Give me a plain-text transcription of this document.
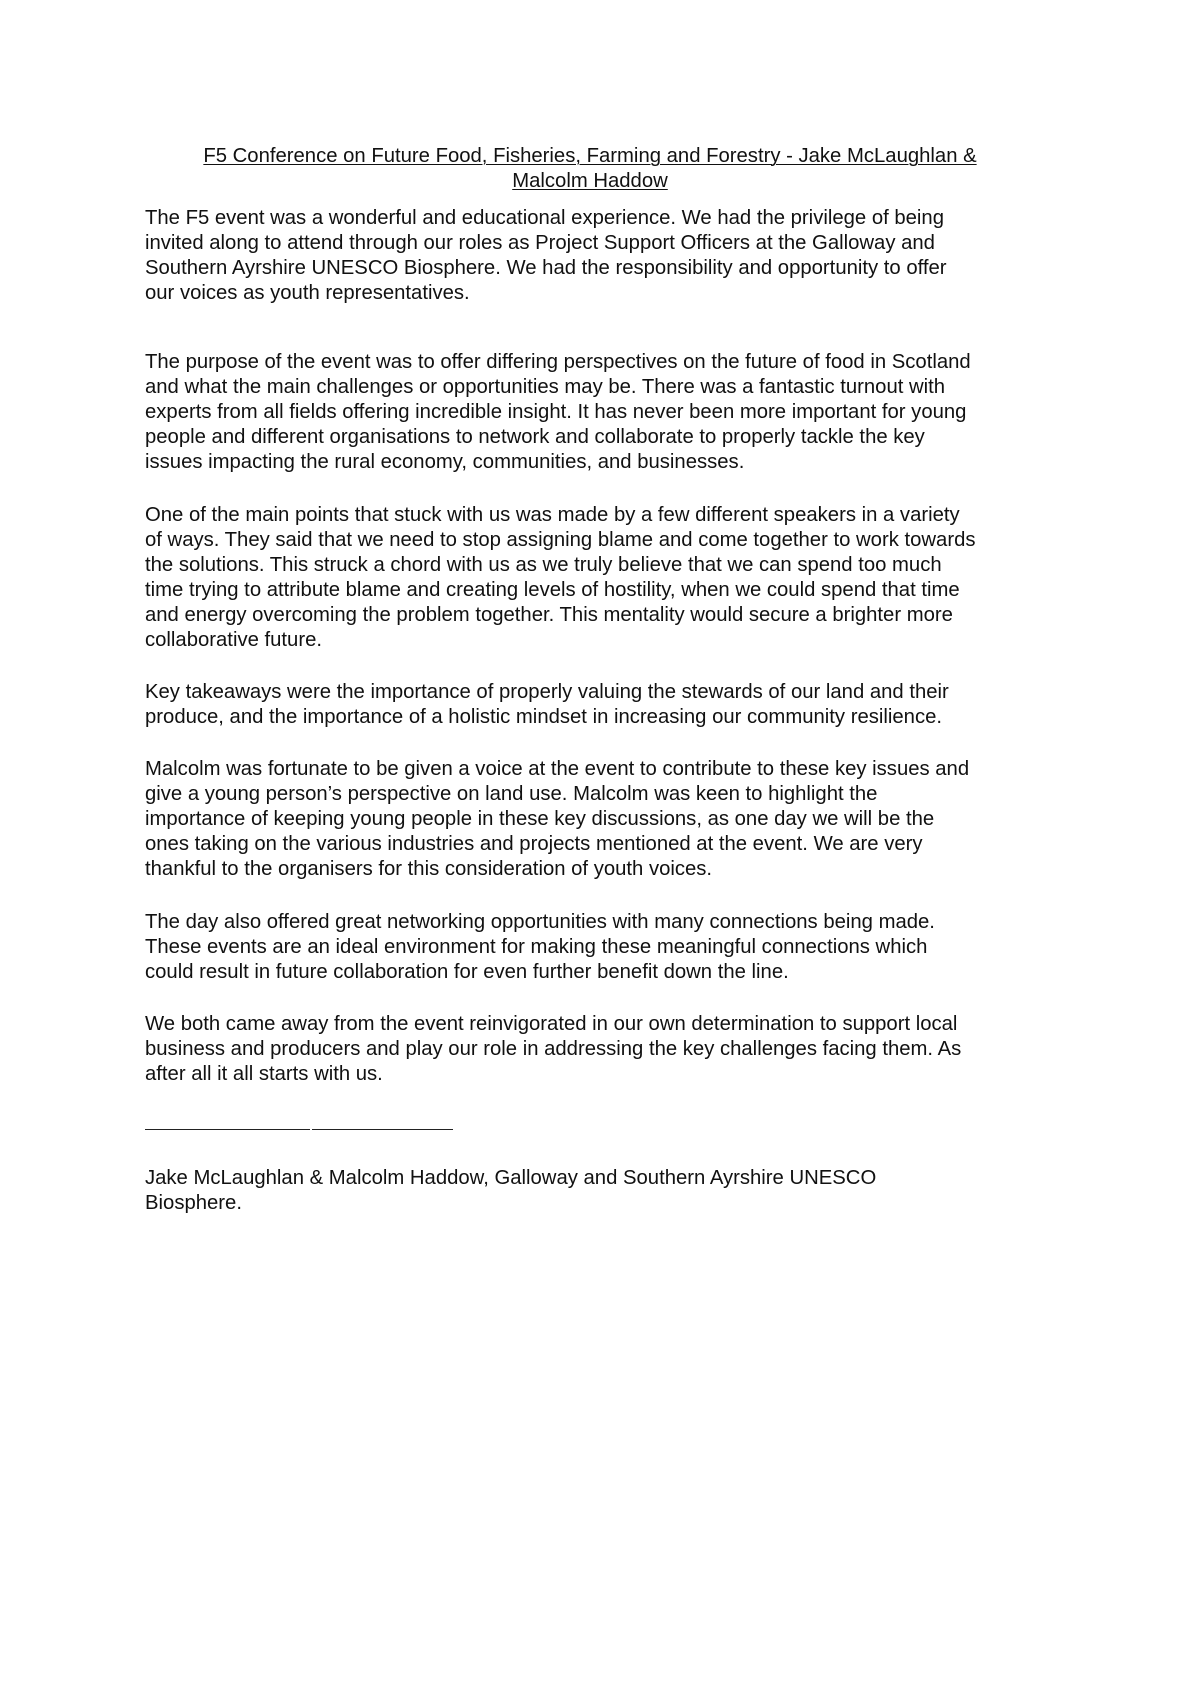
F5 Conference on Future Food, Fisheries, Farming and Forestry - Jake McLaughlan &
Malcolm Haddow

The F5 event was a wonderful and educational experience. We had the privilege of being
invited along to attend through our roles as Project Support Officers at the Galloway and
Southern Ayrshire UNESCO Biosphere. We had the responsibility and opportunity to offer
our voices as youth representatives.

The purpose of the event was to offer differing perspectives on the future of food in Scotland
and what the main challenges or opportunities may be. There was a fantastic turnout with
experts from all fields offering incredible insight. It has never been more important for young
people and different organisations to network and collaborate to properly tackle the key
issues impacting the rural economy, communities, and businesses.

One of the main points that stuck with us was made by a few different speakers in a variety
of ways. They said that we need to stop assigning blame and come together to work towards
the solutions. This struck a chord with us as we truly believe that we can spend too much
time trying to attribute blame and creating levels of hostility, when we could spend that time
and energy overcoming the problem together. This mentality would secure a brighter more
collaborative future.

Key takeaways were the importance of properly valuing the stewards of our land and their
produce, and the importance of a holistic mindset in increasing our community resilience.

Malcolm was fortunate to be given a voice at the event to contribute to these key issues and
give a young person’s perspective on land use. Malcolm was keen to highlight the
importance of keeping young people in these key discussions, as one day we will be the
ones taking on the various industries and projects mentioned at the event. We are very
thankful to the organisers for this consideration of youth voices.

The day also offered great networking opportunities with many connections being made.
These events are an ideal environment for making these meaningful connections which
could result in future collaboration for even further benefit down the line.

We both came away from the event reinvigorated in our own determination to support local
business and producers and play our role in addressing the key challenges facing them. As
after all it all starts with us.

Jake McLaughlan & Malcolm Haddow, Galloway and Southern Ayrshire UNESCO
Biosphere.
